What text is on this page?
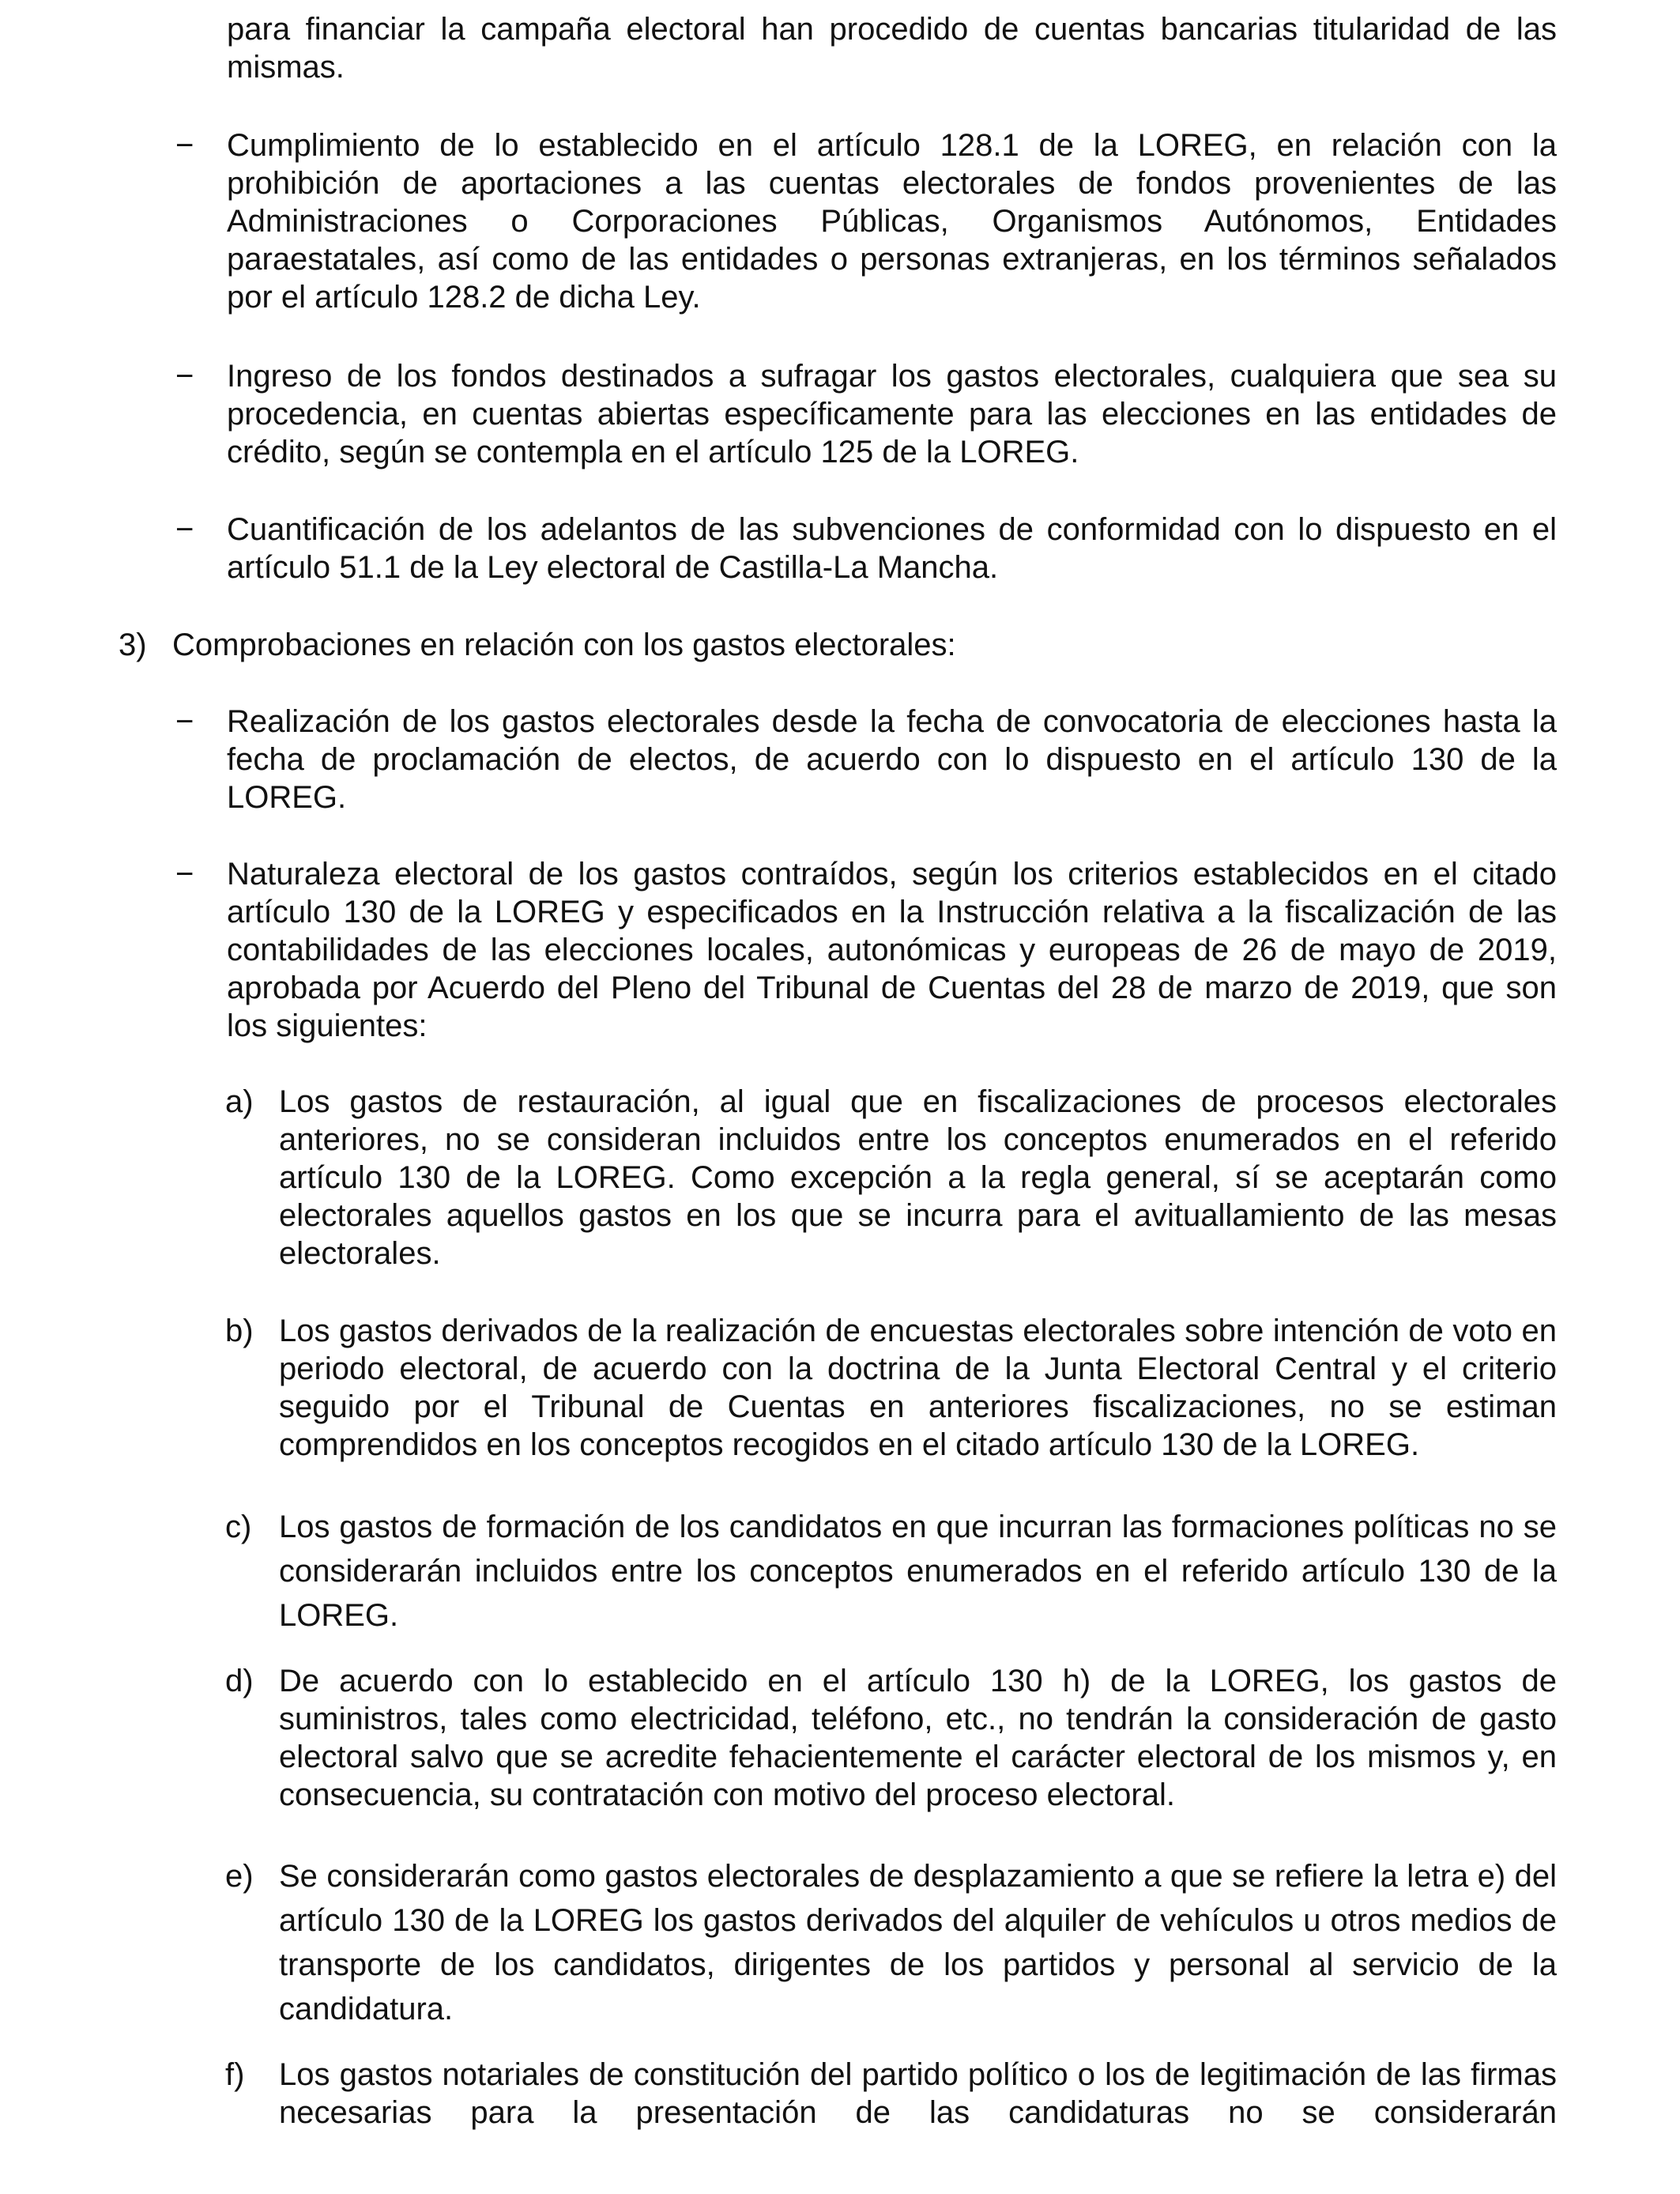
para financiar la campaña electoral han procedido de cuentas bancarias titularidad de las mismas.

− Cumplimiento de lo establecido en el artículo 128.1 de la LOREG, en relación con la prohibición de aportaciones a las cuentas electorales de fondos provenientes de las Administraciones o Corporaciones Públicas, Organismos Autónomos, Entidades paraestatales, así como de las entidades o personas extranjeras, en los términos señalados por el artículo 128.2 de dicha Ley.

− Ingreso de los fondos destinados a sufragar los gastos electorales, cualquiera que sea su procedencia, en cuentas abiertas específicamente para las elecciones en las entidades de crédito, según se contempla en el artículo 125 de la LOREG.

− Cuantificación de los adelantos de las subvenciones de conformidad con lo dispuesto en el artículo 51.1 de la Ley electoral de Castilla-La Mancha.

3) Comprobaciones en relación con los gastos electorales:

− Realización de los gastos electorales desde la fecha de convocatoria de elecciones hasta la fecha de proclamación de electos, de acuerdo con lo dispuesto en el artículo 130 de la LOREG.

− Naturaleza electoral de los gastos contraídos, según los criterios establecidos en el citado artículo 130 de la LOREG y especificados en la Instrucción relativa a la fiscalización de las contabilidades de las elecciones locales, autonómicas y europeas de 26 de mayo de 2019, aprobada por Acuerdo del Pleno del Tribunal de Cuentas del 28 de marzo de 2019, que son los siguientes:

a) Los gastos de restauración, al igual que en fiscalizaciones de procesos electorales anteriores, no se consideran incluidos entre los conceptos enumerados en el referido artículo 130 de la LOREG. Como excepción a la regla general, sí se aceptarán como electorales aquellos gastos en los que se incurra para el avituallamiento de las mesas electorales.

b) Los gastos derivados de la realización de encuestas electorales sobre intención de voto en periodo electoral, de acuerdo con la doctrina de la Junta Electoral Central y el criterio seguido por el Tribunal de Cuentas en anteriores fiscalizaciones, no se estiman comprendidos en los conceptos recogidos en el citado artículo 130 de la LOREG.

c) Los gastos de formación de los candidatos en que incurran las formaciones políticas no se considerarán incluidos entre los conceptos enumerados en el referido artículo 130 de la LOREG.

d) De acuerdo con lo establecido en el artículo 130 h) de la LOREG, los gastos de suministros, tales como electricidad, teléfono, etc., no tendrán la consideración de gasto electoral salvo que se acredite fehacientemente el carácter electoral de los mismos y, en consecuencia, su contratación con motivo del proceso electoral.

e) Se considerarán como gastos electorales de desplazamiento a que se refiere la letra e) del artículo 130 de la LOREG los gastos derivados del alquiler de vehículos u otros medios de transporte de los candidatos, dirigentes de los partidos y personal al servicio de la candidatura.

f) Los gastos notariales de constitución del partido político o los de legitimación de las firmas necesarias para la presentación de las candidaturas no se considerarán
